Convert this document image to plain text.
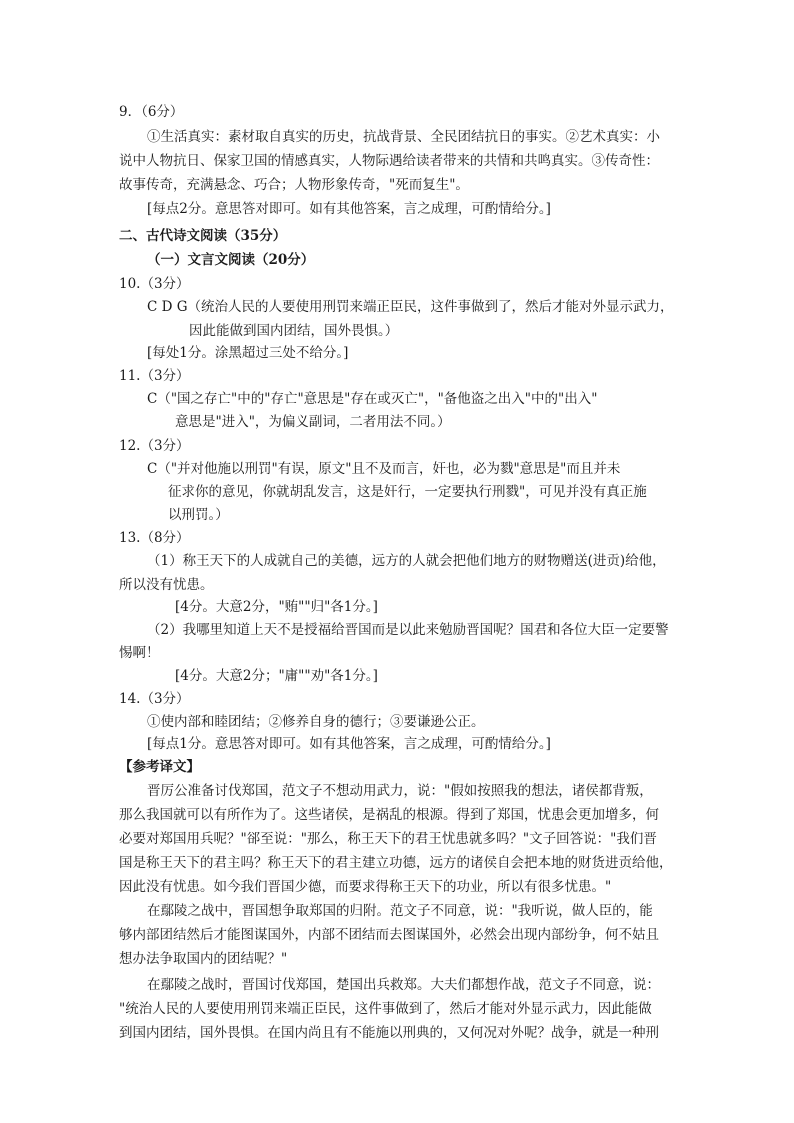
9．（6分）
①生活真实：素材取自真实的历史，抗战背景、全民团结抗日的事实。②艺术真实：小
说中人物抗日、保家卫国的情感真实，人物际遇给读者带来的共情和共鸣真实。③传奇性：
故事传奇，充满悬念、巧合；人物形象传奇，"死而复生"。
[每点2分。意思答对即可。如有其他答案，言之成理，可酌情给分。]
二、古代诗文阅读（35分）
（一）文言文阅读（20分）
10.（3分）
C D G（统治人民的人要使用刑罚来端正臣民，这件事做到了，然后才能对外显示武力，
因此能做到国内团结，国外畏惧。）
[每处1分。涂黑超过三处不给分。]
11.（3分）
C（"国之存亡"中的"存亡"意思是"存在或灭亡"，"备他盗之出入"中的"出入"
意思是"进入"，为偏义副词，二者用法不同。）
12.（3分）
C（"并对他施以刑罚"有误，原文"且不及而言，奸也，必为戮"意思是"而且并未
征求你的意见，你就胡乱发言，这是奸行，一定要执行刑戮"，可见并没有真正施
以刑罚。）
13.（8分）
（1）称王天下的人成就自己的美德，远方的人就会把他们地方的财物赠送(进贡)给他，
所以没有忧患。
[4分。大意2分，"贿""归"各1分。]
（2）我哪里知道上天不是授福给晋国而是以此来勉励晋国呢？国君和各位大臣一定要警
惕啊！
[4分。大意2分；"庸""劝"各1分。]
14.（3分）
①使内部和睦团结；②修养自身的德行；③要谦逊公正。
[每点1分。意思答对即可。如有其他答案，言之成理，可酌情给分。]
【参考译文】
晋厉公准备讨伐郑国，范文子不想动用武力，说："假如按照我的想法，诸侯都背叛，
那么我国就可以有所作为了。这些诸侯，是祸乱的根源。得到了郑国，忧患会更加增多，何
必要对郑国用兵呢？"郤至说："那么，称王天下的君王忧患就多吗？"文子回答说："我们晋
国是称王天下的君主吗？称王天下的君主建立功德，远方的诸侯自会把本地的财货进贡给他，
因此没有忧患。如今我们晋国少德，而要求得称王天下的功业，所以有很多忧患。"
在鄢陵之战中，晋国想争取郑国的归附。范文子不同意，说："我听说，做人臣的，能
够内部团结然后才能图谋国外，内部不团结而去图谋国外，必然会出现内部纷争，何不姑且
想办法争取国内的团结呢？"
在鄢陵之战时，晋国讨伐郑国，楚国出兵救郑。大夫们都想作战，范文子不同意，说：
"统治人民的人要使用刑罚来端正臣民，这件事做到了，然后才能对外显示武力，因此能做
到国内团结，国外畏惧。在国内尚且有不能施以刑典的，又何况对外呢？战争，就是一种刑
